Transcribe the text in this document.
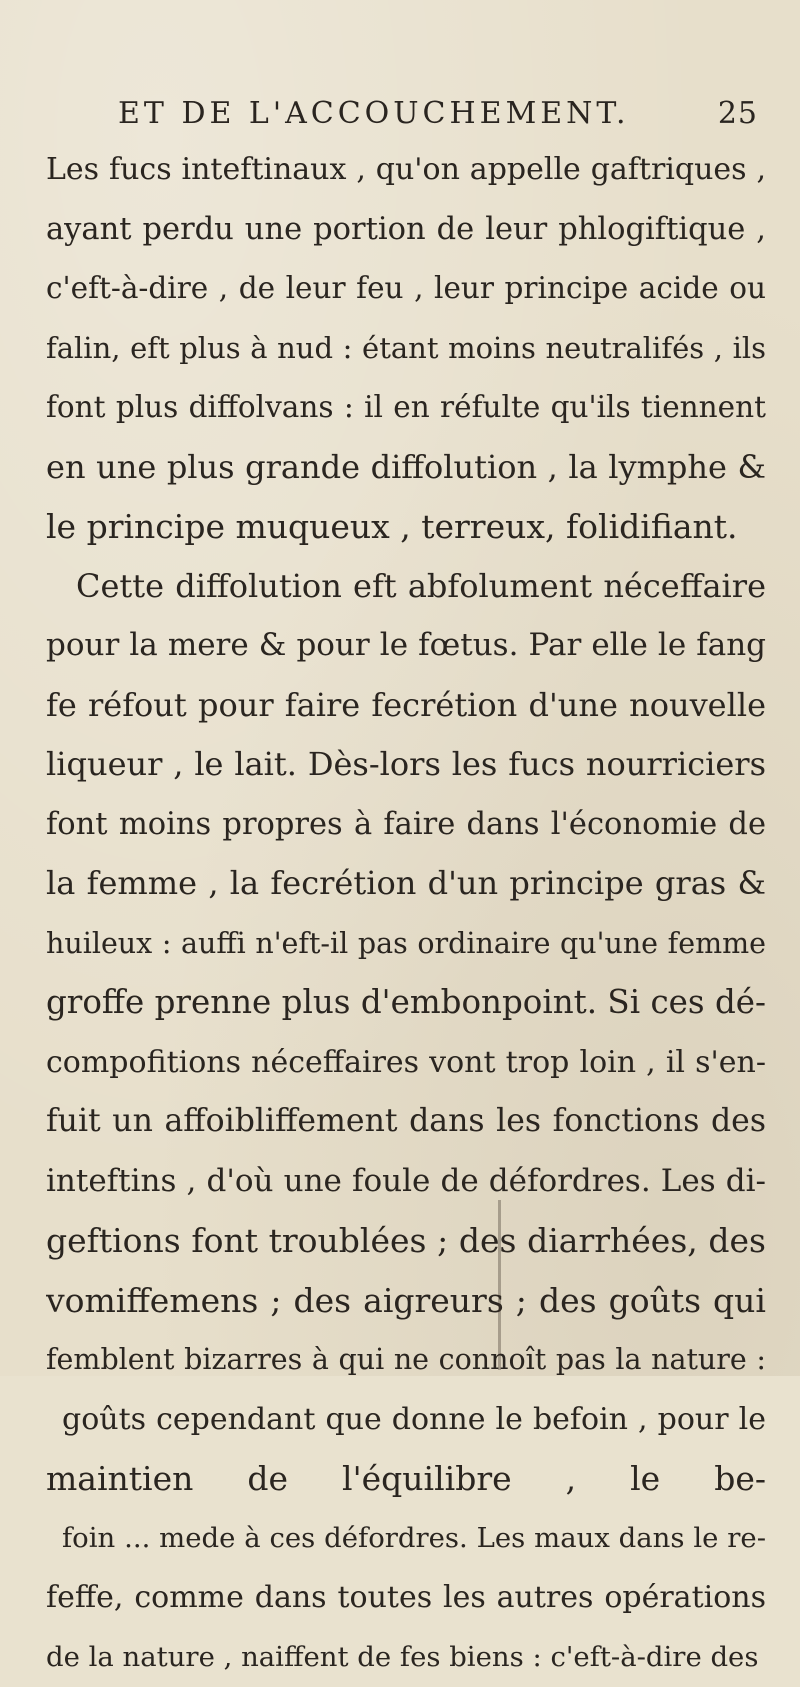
ET DE L'ACCOUCHEMENT.	25
Les fucs inteftinaux , qu'on appelle gaftriques ,
ayant perdu une portion de leur phlogiftique ,
c'eft-à-dire , de leur feu , leur principe acide ou
falin, eft plus à nud : étant moins neutralifés , ils
font plus diffolvans : il en réfulte qu'ils tiennent
en une plus grande diffolution , la lymphe &
le principe muqueux , terreux, folidifiant.
Cette diffolution eft abfolument néceffaire
pour la mere & pour le fœtus. Par elle le fang
fe réfout pour faire fecrétion d'une nouvelle
liqueur , le lait. Dès-lors les fucs nourriciers
font moins propres à faire dans l'économie de
la femme , la fecrétion d'un principe gras &
huileux : auffi n'eft-il pas ordinaire qu'une femme
groffe prenne plus d'embonpoint. Si ces dé-
compofitions néceffaires vont trop loin , il s'en-
fuit un affoibliffement dans les fonctions des
inteftins , d'où une foule de défordres. Les di-
geftions font troublées ; des diarrhées, des
vomiffemens ; des aigreurs ; des goûts qui
femblent bizarres à qui ne connoît pas la nature :
goûts cependant que donne le befoin , pour le
maintien de l'équilibre , le be-
foin ... mede à ces défordres. Les maux dans le re-
feffe, comme dans toutes les autres opérations
de la nature , naiffent de fes biens : c'eft-à-dire des
